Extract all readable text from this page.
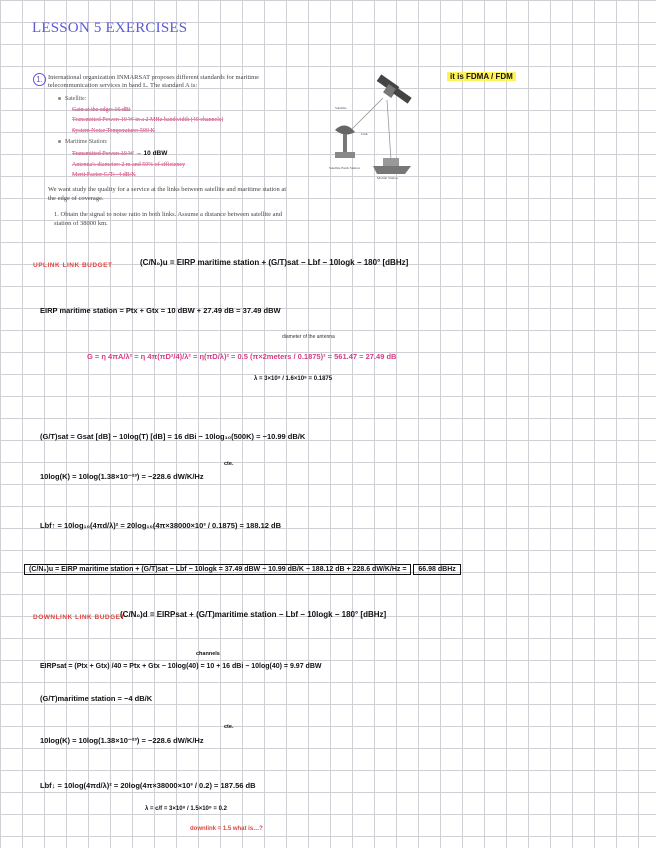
LESSON 5 EXERCISES
1. International organization INMARSAT proposes different standards for maritime telecommunication services in band L. The standard A is:
Satellite:
Gain at the edge: 16 dBi
Transmitted Power: 10 W in a 2 MHz bandwidth (40 channels)
System Noise Temperature: 500 K
Maritime Station:
Transmitted Power: 10 W → 10 dBW
Antenna's diameter: 2 m and 50% of efficiency
Merit Factor G/T: -4 dB/K
We want study the quality for a service at the links between satellite and maritime station at the edge of coverage.
1. Obtain the signal to noise ratio in both links. Assume a distance between satellite and station of 38000 km.
Satellite Earth Station
Mobile Station
Satellite
Link
it is FDMA / FDM
UPLINK LINK BUDGET	(C/N₀)u = EIRP maritime station + (G/T)sat − Lbf − 10logk − 180° [dBHz]
EIRP maritime station = Ptx + Gtx = 10 dBW + 27.49 dB = 37.49 dBW
diameter of the antenna
G = η 4πA/λ² = η 4π(πD²/4)/λ² = η(πD/λ)² = 0.5 (π×2meters / 0.1875)² = 561.47 = 27.49 dB
λ = 3×10⁸ / 1.6×10⁹ = 0.1875
(G/T)sat = Gsat [dB] − 10log(T) [dB] = 16 dBi − 10log₁₀(500K) = −10.99 dB/K
cte.
10log(K) = 10log(1.38×10⁻²³) = −228.6 dW/K/Hz
Lbf↑ = 10log₁₀(4πd/λ)² = 20log₁₀(4π×38000×10³ / 0.1875) = 188.12 dB
(C/N₀)u = EIRP maritime station + (G/T)sat − Lbf − 10logk = 37.49 dBW − 10.99 dB/K − 188.12 dB + 228.6 dW/K/Hz = 66.98 dBHz
DOWNLINK LINK BUDGET
(C/N₀)d = EIRPsat + (G/T)maritime station − Lbf − 10logk − 180° [dBHz]
channels
EIRPsat = (Ptx + Gtx) /40 = Ptx + Gtx − 10log(40) = 10 + 16 dBi − 10log(40) = 9.97 dBW
(G/T)maritime station = −4 dB/K
cte.
10log(K) = 10log(1.38×10⁻²³) = −228.6 dW/K/Hz
Lbf↓ = 10log(4πd/λ)² = 20log(4π×38000×10³ / 0.2) = 187.56 dB
λ = c/f = 3×10⁸ / 1.5×10⁹ = 0.2
downlink = 1.5 what is…?
